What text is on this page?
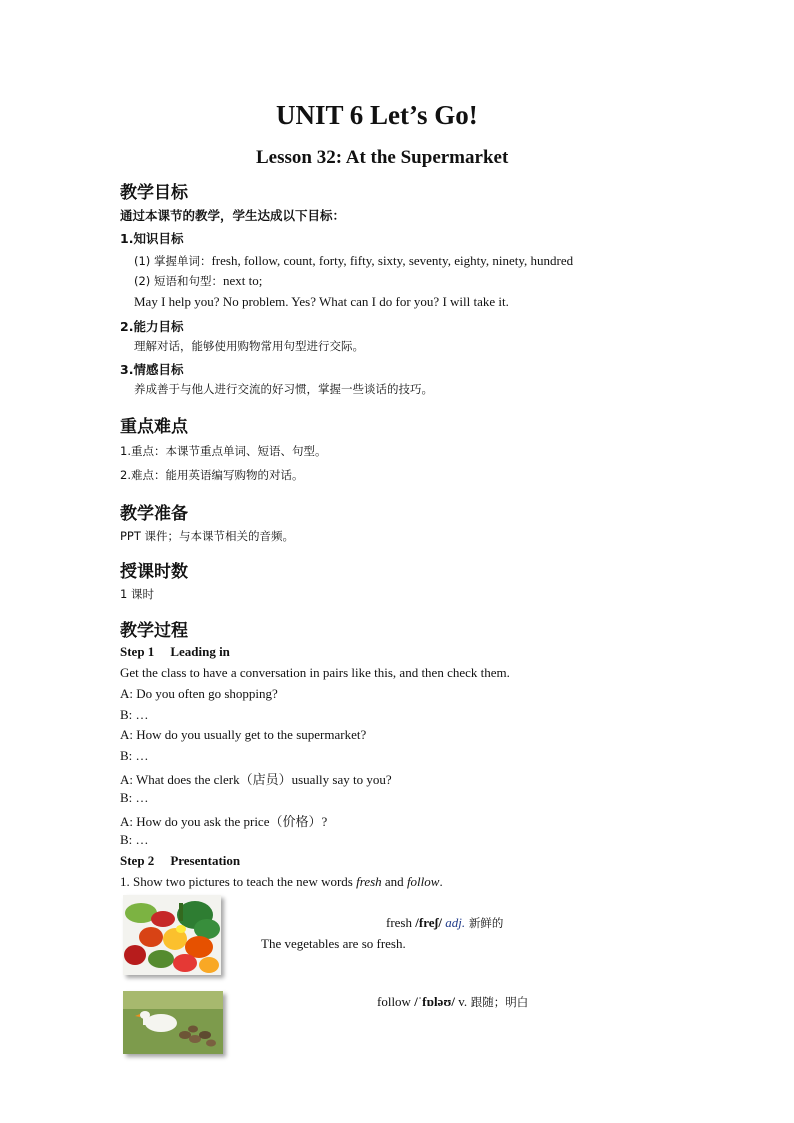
UNIT 6 Let’s Go!
Lesson 32: At the Supermarket
教学目标
通过本课节的教学，学生达成以下目标：
1.知识目标
(1) 掌握单词：fresh, follow, count, forty, fifty, sixty, seventy, eighty, ninety, hundred
(2) 短语和句型：next to;
May I help you? No problem. Yes? What can I do for you? I will take it.
2.能力目标
理解对话，能够使用购物常用句型进行交际。
3.情感目标
养成善于与他人进行交流的好习惯，掌握一些谈话的技巧。
重点难点
1.重点：本课节重点单词、短语、句型。
2.难点：能用英语编写购物的对话。
教学准备
PPT 课件；与本课节相关的音频。
授课时数
1 课时
教学过程
Step 1 Leading in
Get the class to have a conversation in pairs like this, and then check them.
A: Do you often go shopping?
B: …
A: How do you usually get to the supermarket?
B: …
A: What does the clerk（店员）usually say to you?
B: …
A: How do you ask the price（价格）?
B: …
Step 2 Presentation
1. Show two pictures to teach the new words fresh and follow.
fresh /freʃ/ adj. 新鲜的
The vegetables are so fresh.
follow /ˈfɒləʊ/ v. 跟随；明白
